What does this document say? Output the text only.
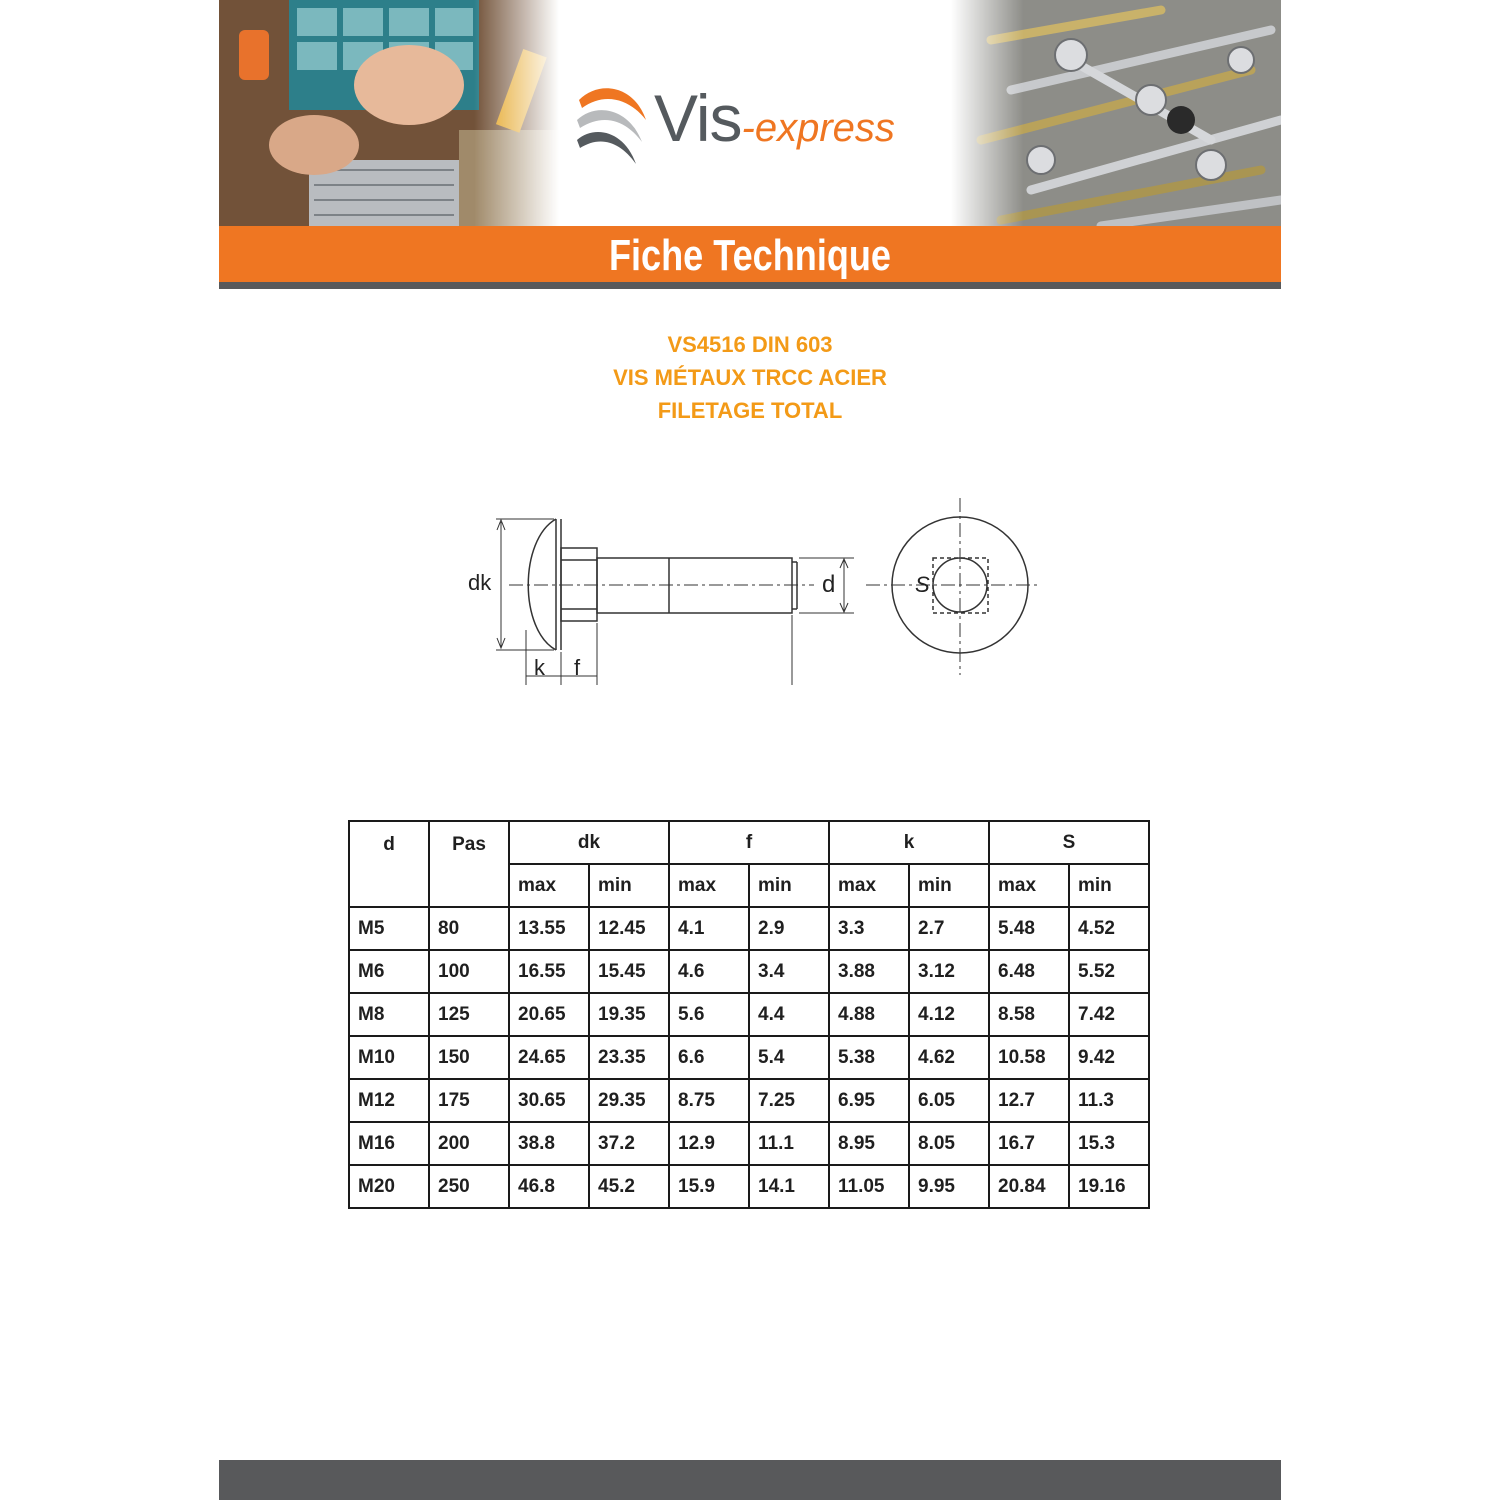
Vis-express
Fiche Technique
VS4516 DIN 603
VIS MÉTAUX TRCC ACIER
FILETAGE TOTAL
dk	d
k f
S
d	Pas	dk		f		k		S	
		max	min	max	min	max	min	max	min
M5	80	13.55	12.45	4.1	2.9	3.3	2.7	5.48	4.52
M6	100	16.55	15.45	4.6	3.4	3.88	3.12	6.48	5.52
M8	125	20.65	19.35	5.6	4.4	4.88	4.12	8.58	7.42
M10	150	24.65	23.35	6.6	5.4	5.38	4.62	10.58	9.42
M12	175	30.65	29.35	8.75	7.25	6.95	6.05	12.7	11.3
M16	200	38.8	37.2	12.9	11.1	8.95	8.05	16.7	15.3
M20	250	46.8	45.2	15.9	14.1	11.05	9.95	20.84	19.16
